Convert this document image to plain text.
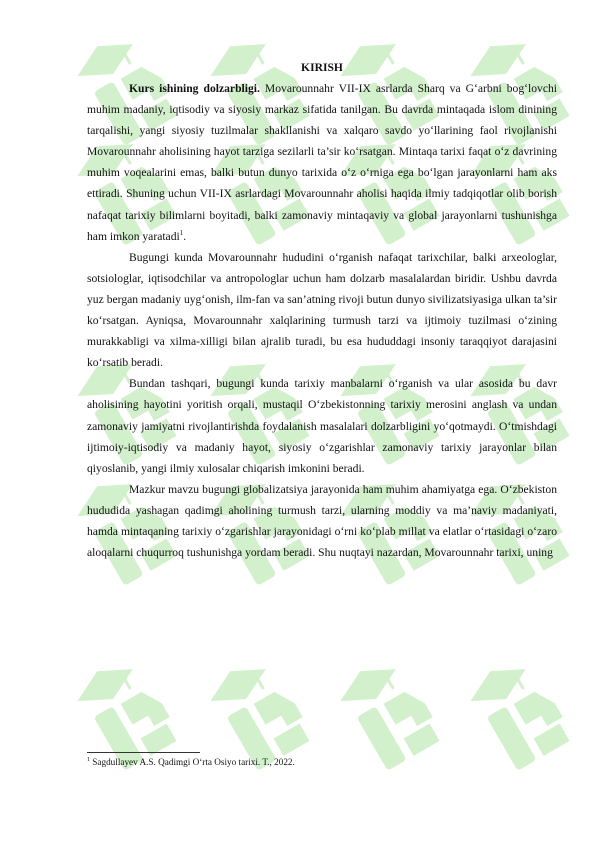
KIRISH

Kurs ishining dolzarbligi. Movarounnahr VII-IX asrlarda Sharq va G‘arbni bog‘lovchi muhim madaniy, iqtisodiy va siyosiy markaz sifatida tanilgan. Bu davrda mintaqada islom dinining tarqalishi, yangi siyosiy tuzilmalar shakllanishi va xalqaro savdo yo‘llarining faol rivojlanishi Movarounnahr aholisining hayot tarziga sezilarli ta’sir ko‘rsatgan. Mintaqa tarixi faqat o‘z davrining muhim voqealarini emas, balki butun dunyo tarixida o‘z o‘rniga ega bo‘lgan jarayonlarni ham aks ettiradi. Shuning uchun VII-IX asrlardagi Movarounnahr aholisi haqida ilmiy tadqiqotlar olib borish nafaqat tarixiy bilimlarni boyitadi, balki zamonaviy mintaqaviy va global jarayonlarni tushunishga ham imkon yaratadi$^1$.

Bugungi kunda Movarounnahr hududini o‘rganish nafaqat tarixchilar, balki arxeologlar, sotsiologlar, iqtisodchilar va antropologlar uchun ham dolzarb masalalardan biridir. Ushbu davrda yuz bergan madaniy uyg‘onish, ilm-fan va san’atning rivoji butun dunyo sivilizatsiyasiga ulkan ta’sir ko‘rsatgan. Ayniqsa, Movarounnahr xalqlarining turmush tarzi va ijtimoiy tuzilmasi o‘zining murakkabligi va xilma-xilligi bilan ajralib turadi, bu esa hududdagi insoniy taraqqiyot darajasini ko‘rsatib beradi.

Bundan tashqari, bugungi kunda tarixiy manbalarni o‘rganish va ular asosida bu davr aholisining hayotini yoritish orqali, mustaqil O‘zbekistonning tarixiy merosini anglash va undan zamonaviy jamiyatni rivojlantirishda foydalanish masalalari dolzarbligini yo‘qotmaydi. O‘tmishdagi ijtimoiy-iqtisodiy va madaniy hayot, siyosiy o‘zgarishlar zamonaviy tarixiy jarayonlar bilan qiyoslanib, yangi ilmiy xulosalar chiqarish imkonini beradi.

Mazkur mavzu bugungi globalizatsiya jarayonida ham muhim ahamiyatga ega. O‘zbekiston hududida yashagan qadimgi aholining turmush tarzi, ularning moddiy va ma’naviy madaniyati, hamda mintaqaning tarixiy o‘zgarishlar jarayonidagi o‘rni ko‘plab millat va elatlar o‘rtasidagi o‘zaro aloqalarni chuqurroq tushunishga yordam beradi. Shu nuqtayi nazardan, Movarounnahr tarixi, uning

$^1$ Sagdullayev A.S. Qadimgi O‘rta Osiyo tarixi. T., 2022.
